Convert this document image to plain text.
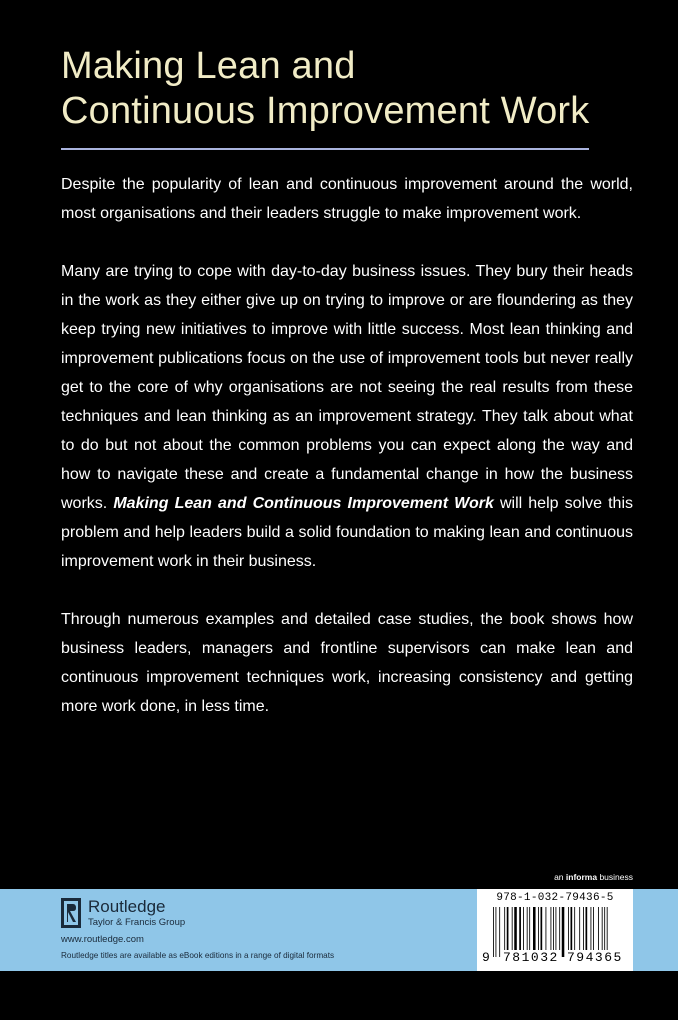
Making Lean and
Continuous Improvement Work

Despite the popularity of lean and continuous improvement around the world, most organisations and their leaders struggle to make improvement work.

Many are trying to cope with day-to-day business issues. They bury their heads in the work as they either give up on trying to improve or are floundering as they keep trying new initiatives to improve with little success. Most lean thinking and improvement publications focus on the use of improvement tools but never really get to the core of why organisations are not seeing the real results from these techniques and lean thinking as an improvement strategy. They talk about what to do but not about the common problems you can expect along the way and how to navigate these and create a fundamental change in how the business works. Making Lean and Continuous Improvement Work will help solve this problem and help leaders build a solid foundation to making lean and continuous improvement work in their business.

Through numerous examples and detailed case studies, the book shows how business leaders, managers and frontline supervisors can make lean and continuous improvement techniques work, increasing consistency and getting more work done, in less time.

an informa business
Routledge
Taylor & Francis Group
www.routledge.com
Routledge titles are available as eBook editions in a range of digital formats
978-1-032-79436-5
9 781032 794365
